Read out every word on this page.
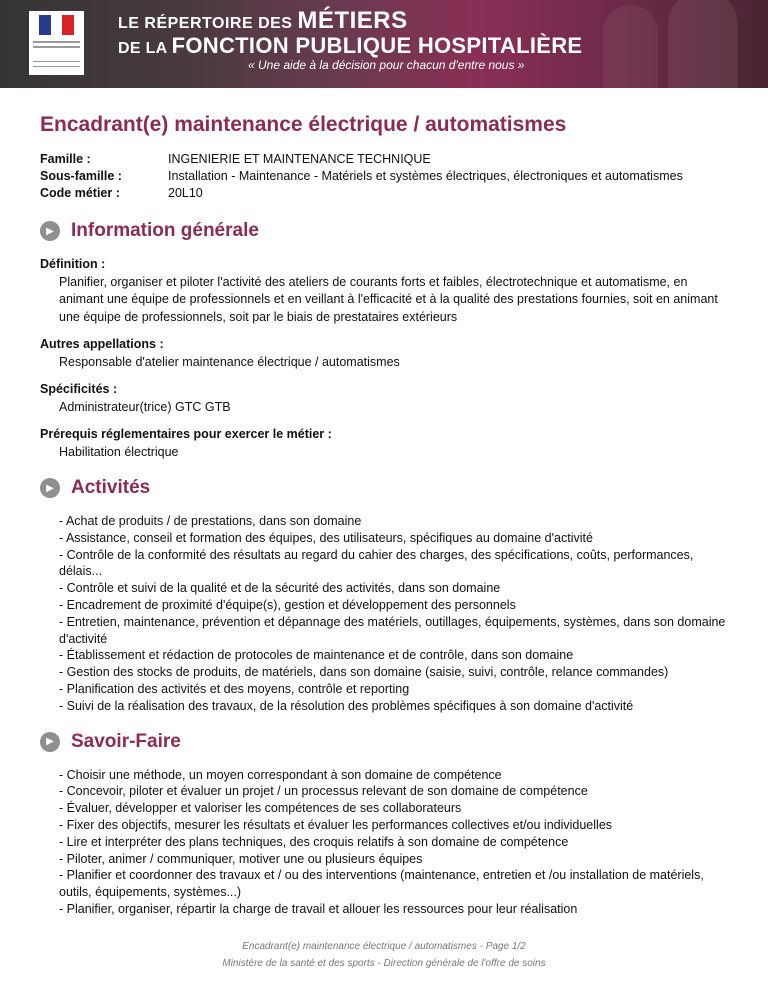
LE RÉPERTOIRE DES MÉTIERS
DE LA FONCTION PUBLIQUE HOSPITALIÈRE
« Une aide à la décision pour chacun d'entre nous »
Encadrant(e) maintenance électrique / automatismes
Famille :	INGENIERIE ET MAINTENANCE TECHNIQUE
Sous-famille :	Installation - Maintenance - Matériels et systèmes électriques, électroniques et automatismes
Code métier :	20L10
▶ Information générale
Définition :
Planifier, organiser et piloter l'activité des ateliers de courants forts et faibles, électrotechnique et automatisme, en animant une équipe de professionnels et en veillant à l'efficacité et à la qualité des prestations fournies, soit en animant une équipe de professionnels, soit par le biais de prestataires extérieurs
Autres appellations :
Responsable d'atelier maintenance électrique / automatismes
Spécificités :
Administrateur(trice) GTC GTB
Prérequis réglementaires pour exercer le métier :
Habilitation électrique
▶ Activités
- Achat de produits / de prestations, dans son domaine
- Assistance, conseil et formation des équipes, des utilisateurs, spécifiques au domaine d'activité
- Contrôle de la conformité des résultats au regard du cahier des charges, des spécifications, coûts, performances, délais...
- Contrôle et suivi de la qualité et de la sécurité des activités, dans son domaine
- Encadrement de proximité d'équipe(s), gestion et développement des personnels
- Entretien, maintenance, prévention et dépannage des matériels, outillages, équipements, systèmes, dans son domaine d'activité
- Établissement et rédaction de protocoles de maintenance et de contrôle, dans son domaine
- Gestion des stocks de produits, de matériels, dans son domaine (saisie, suivi, contrôle, relance commandes)
- Planification des activités et des moyens, contrôle et reporting
- Suivi de la réalisation des travaux, de la résolution des problèmes spécifiques à son domaine d'activité
▶ Savoir-Faire
- Choisir une méthode, un moyen correspondant à son domaine de compétence
- Concevoir, piloter et évaluer un projet / un processus relevant de son domaine de compétence
- Évaluer, développer et valoriser les compétences de ses collaborateurs
- Fixer des objectifs, mesurer les résultats et évaluer les performances collectives et/ou individuelles
- Lire et interpréter des plans techniques, des croquis relatifs à son domaine de compétence
- Piloter, animer / communiquer, motiver une ou plusieurs équipes
- Planifier et coordonner des travaux et / ou des interventions (maintenance, entretien et /ou installation de matériels, outils, équipements, systèmes...)
- Planifier, organiser, répartir la charge de travail et allouer les ressources pour leur réalisation
Encadrant(e) maintenance électrique / automatismes - Page 1/2
Ministère de la santé et des sports - Direction générale de l'offre de soins
